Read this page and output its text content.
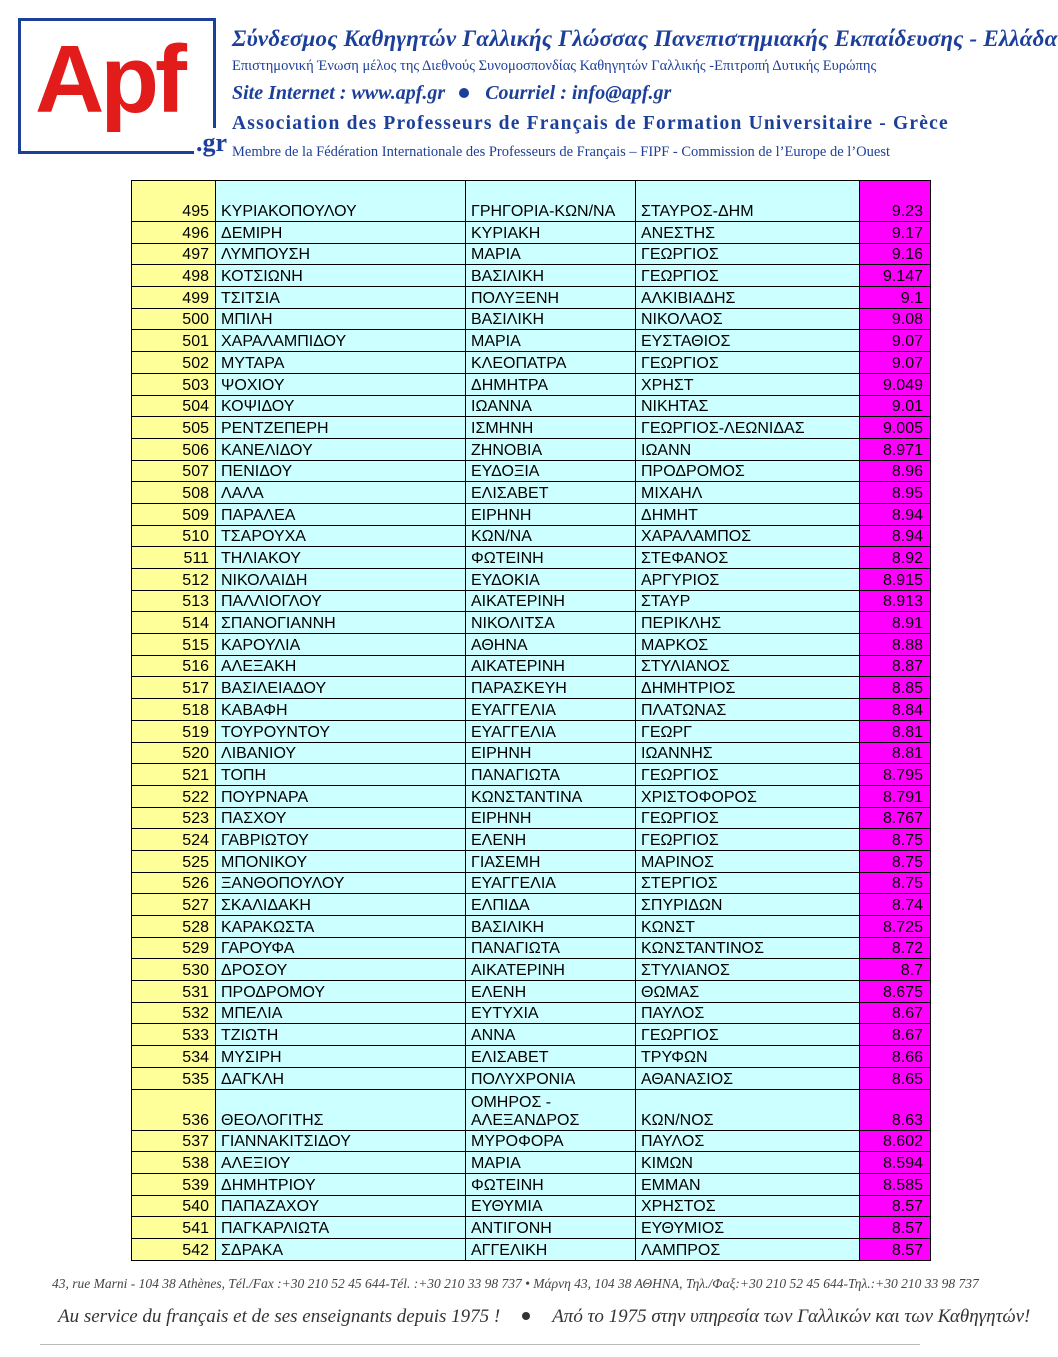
Apf
.gr
Σύνδεσμος Καθηγητών Γαλλικής Γλώσσας Πανεπιστημιακής Εκπαίδευσης - Ελλάδα
Επιστημονική Ένωση μέλος της Διεθνούς Συνομοσπονδίας Καθηγητών Γαλλικής -Επιτροπή Δυτικής Ευρώπης
Site Internet : www.apf.gr Courriel : info@apf.gr
Association des Professeurs de Français de Formation Universitaire - Grèce
Membre de la Fédération Internationale des Professeurs de Français – FIPF - Commission de l’Europe de l’Ouest
495	ΚΥΡΙΑΚΟΠΟΥΛΟΥ	ΓΡΗΓΟΡΙΑ-ΚΩΝ/ΝΑ	ΣΤΑΥΡΟΣ-ΔΗΜ	9.23
496	ΔΕΜΙΡΗ	ΚΥΡΙΑΚΗ	ΑΝΕΣΤΗΣ	9.17
497	ΛΥΜΠΟΥΣΗ	ΜΑΡΙΑ	ΓΕΩΡΓΙΟΣ	9.16
498	ΚΟΤΣΙΩΝΗ	ΒΑΣΙΛΙΚΗ	ΓΕΩΡΓΙΟΣ	9.147
499	ΤΣΙΤΣΙΑ	ΠΟΛΥΞΕΝΗ	ΑΛΚΙΒΙΑΔΗΣ	9.1
500	ΜΠΙΛΗ	ΒΑΣΙΛΙΚΗ	ΝΙΚΟΛΑΟΣ	9.08
501	ΧΑΡΑΛΑΜΠΙΔΟΥ	ΜΑΡΙΑ	ΕΥΣΤΑΘΙΟΣ	9.07
502	ΜΥΤΑΡΑ	ΚΛΕΟΠΑΤΡΑ	ΓΕΩΡΓΙΟΣ	9.07
503	ΨΟΧΙΟΥ	ΔΗΜΗΤΡΑ	ΧΡΗΣΤ	9.049
504	ΚΟΨΙΔΟΥ	ΙΩΑΝΝΑ	ΝΙΚΗΤΑΣ	9.01
505	ΡΕΝΤΖΕΠΕΡΗ	ΙΣΜΗΝΗ	ΓΕΩΡΓΙΟΣ-ΛΕΩΝΙΔΑΣ	9.005
506	ΚΑΝΕΛΙΔΟΥ	ΖΗΝΟΒΙΑ	ΙΩΑΝΝ	8.971
507	ΠΕΝΙΔΟΥ	ΕΥΔΟΞΙΑ	ΠΡΟΔΡΟΜΟΣ	8.96
508	ΛΑΛΑ	ΕΛΙΣΑΒΕΤ	ΜΙΧΑΗΛ	8.95
509	ΠΑΡΑΛΕΑ	ΕΙΡΗΝΗ	ΔΗΜΗΤ	8.94
510	ΤΣΑΡΟΥΧΑ	ΚΩΝ/ΝΑ	ΧΑΡΑΛΑΜΠΟΣ	8.94
511	ΤΗΛΙΑΚΟΥ	ΦΩΤΕΙΝΗ	ΣΤΕΦΑΝΟΣ	8.92
512	ΝΙΚΟΛΑΙΔΗ	ΕΥΔΟΚΙΑ	ΑΡΓΥΡΙΟΣ	8.915
513	ΠΑΛΛΙΟΓΛΟΥ	ΑΙΚΑΤΕΡΙΝΗ	ΣΤΑΥΡ	8.913
514	ΣΠΑΝΟΓΙΑΝΝΗ	ΝΙΚΟΛΙΤΣΑ	ΠΕΡΙΚΛΗΣ	8.91
515	ΚΑΡΟΥΛΙΑ	ΑΘΗΝΑ	ΜΑΡΚΟΣ	8.88
516	ΑΛΕΞΑΚΗ	ΑΙΚΑΤΕΡΙΝΗ	ΣΤΥΛΙΑΝΟΣ	8.87
517	ΒΑΣΙΛΕΙΑΔΟΥ	ΠΑΡΑΣΚΕΥΗ	ΔΗΜΗΤΡΙΟΣ	8.85
518	ΚΑΒΑΦΗ	ΕΥΑΓΓΕΛΙΑ	ΠΛΑΤΩΝΑΣ	8.84
519	ΤΟΥΡΟΥΝΤΟΥ	ΕΥΑΓΓΕΛΙΑ	ΓΕΩΡΓ	8.81
520	ΛΙΒΑΝΙΟΥ	ΕΙΡΗΝΗ	ΙΩΑΝΝΗΣ	8.81
521	ΤΟΠΗ	ΠΑΝΑΓΙΩΤΑ	ΓΕΩΡΓΙΟΣ	8.795
522	ΠΟΥΡΝΑΡΑ	ΚΩΝΣΤΑΝΤΙΝΑ	ΧΡΙΣΤΟΦΟΡΟΣ	8.791
523	ΠΑΣΧΟΥ	ΕΙΡΗΝΗ	ΓΕΩΡΓΙΟΣ	8.767
524	ΓΑΒΡΙΩΤΟΥ	ΕΛΕΝΗ	ΓΕΩΡΓΙΟΣ	8.75
525	ΜΠΟΝΙΚΟΥ	ΓΙΑΣΕΜΗ	ΜΑΡΙΝΟΣ	8.75
526	ΞΑΝΘΟΠΟΥΛΟΥ	ΕΥΑΓΓΕΛΙΑ	ΣΤΕΡΓΙΟΣ	8.75
527	ΣΚΑΛΙΔΑΚΗ	ΕΛΠΙΔΑ	ΣΠΥΡΙΔΩΝ	8.74
528	ΚΑΡΑΚΩΣΤΑ	ΒΑΣΙΛΙΚΗ	ΚΩΝΣΤ	8.725
529	ΓΑΡΟΥΦΑ	ΠΑΝΑΓΙΩΤΑ	ΚΩΝΣΤΑΝΤΙΝΟΣ	8.72
530	ΔΡΟΣΟΥ	ΑΙΚΑΤΕΡΙΝΗ	ΣΤΥΛΙΑΝΟΣ	8.7
531	ΠΡΟΔΡΟΜΟΥ	ΕΛΕΝΗ	ΘΩΜΑΣ	8.675
532	ΜΠΕΛΙΑ	ΕΥΤΥΧΙΑ	ΠΑΥΛΟΣ	8.67
533	ΤΖΙΩΤΗ	ΑΝΝΑ	ΓΕΩΡΓΙΟΣ	8.67
534	ΜΥΣΙΡΗ	ΕΛΙΣΑΒΕΤ	ΤΡΥΦΩΝ	8.66
535	ΔΑΓΚΛΗ	ΠΟΛΥΧΡΟΝΙΑ	ΑΘΑΝΑΣΙΟΣ	8.65
536	ΘΕΟΛΟΓΙΤΗΣ	ΟΜΗΡΟΣ - ΑΛΕΞΑΝΔΡΟΣ	ΚΩΝ/ΝΟΣ	8.63
537	ΓΙΑΝΝΑΚΙΤΣΙΔΟΥ	ΜΥΡΟΦΟΡΑ	ΠΑΥΛΟΣ	8.602
538	ΑΛΕΞΙΟΥ	ΜΑΡΙΑ	ΚΙΜΩΝ	8.594
539	ΔΗΜΗΤΡΙΟΥ	ΦΩΤΕΙΝΗ	ΕΜΜΑΝ	8.585
540	ΠΑΠΑΖΑΧΟΥ	ΕΥΘΥΜΙΑ	ΧΡΗΣΤΟΣ	8.57
541	ΠΑΓΚΑΡΛΙΩΤΑ	ΑΝΤΙΓΟΝΗ	ΕΥΘΥΜΙΟΣ	8.57
542	ΣΔΡΑΚΑ	ΑΓΓΕΛΙΚΗ	ΛΑΜΠΡΟΣ	8.57
43, rue Marni - 104 38 Athènes, Tél./Fax :+30 210 52 45 644-Tél. :+30 210 33 98 737 • Μάρνη 43, 104 38 ΑΘΗΝΑ, Τηλ./Φαξ:+30 210 52 45 644-Τηλ.:+30 210 33 98 737
Au service du français et de ses enseignants depuis 1975 !	Από το 1975 στην υπηρεσία των Γαλλικών και των Καθηγητών!
